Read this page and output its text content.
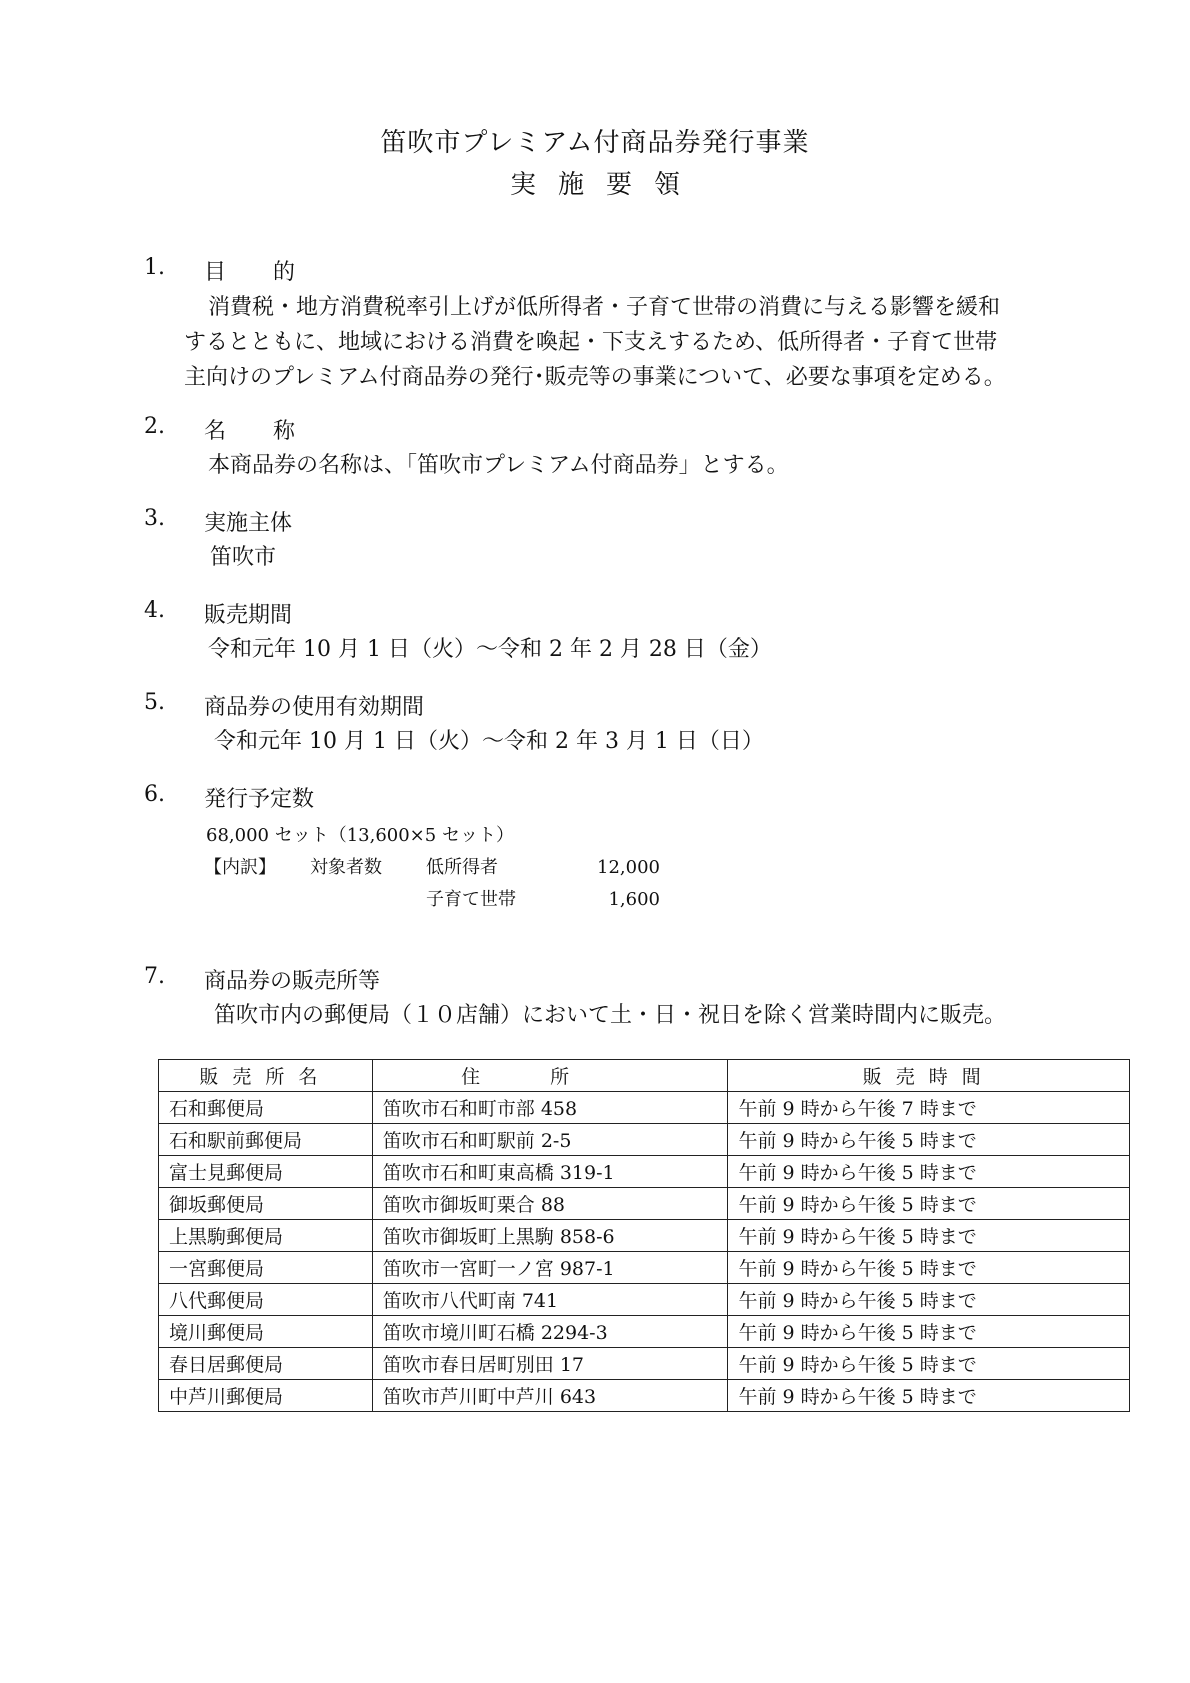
笛吹市プレミアム付商品券発行事業
実施要領
1. 目 的

消費税・地方消費税率引上げが低所得者・子育て世帯の消費に与える影響を緩和

するとともに、地域における消費を喚起・下支えするため、低所得者・子育て世帯

主向けのプレミアム付商品券の発行･販売等の事業について、必要な事項を定める。

2. 名 称
本商品券の名称は、「笛吹市プレミアム付商品券」とする。
3. 実施主体
笛吹市
4. 販売期間
令和元年 10 月 1 日（火）～令和 2 年 2 月 28 日（金）
5. 商品券の使用有効期間
令和元年 10 月 1 日（火）～令和 2 年 3 月 1 日（日）
6. 発行予定数
68,000 セット（13,600×5 セット）
【内訳】 対象者数 低所得者	12,000
子育て世帯	1,600
7. 商品券の販売所等
笛吹市内の郵便局（１０店舗）において土・日・祝日を除く営業時間内に販売。
販売所名	住所	販売時間
石和郵便局	笛吹市石和町市部 458	午前 9 時から午後 7 時まで
石和駅前郵便局	笛吹市石和町駅前 2-5	午前 9 時から午後 5 時まで
富士見郵便局	笛吹市石和町東高橋 319-1	午前 9 時から午後 5 時まで
御坂郵便局	笛吹市御坂町栗合 88	午前 9 時から午後 5 時まで
上黒駒郵便局	笛吹市御坂町上黒駒 858-6	午前 9 時から午後 5 時まで
一宮郵便局	笛吹市一宮町一ノ宮 987-1	午前 9 時から午後 5 時まで
八代郵便局	笛吹市八代町南 741	午前 9 時から午後 5 時まで
境川郵便局	笛吹市境川町石橋 2294-3	午前 9 時から午後 5 時まで
春日居郵便局	笛吹市春日居町別田 17	午前 9 時から午後 5 時まで
中芦川郵便局	笛吹市芦川町中芦川 643	午前 9 時から午後 5 時まで
